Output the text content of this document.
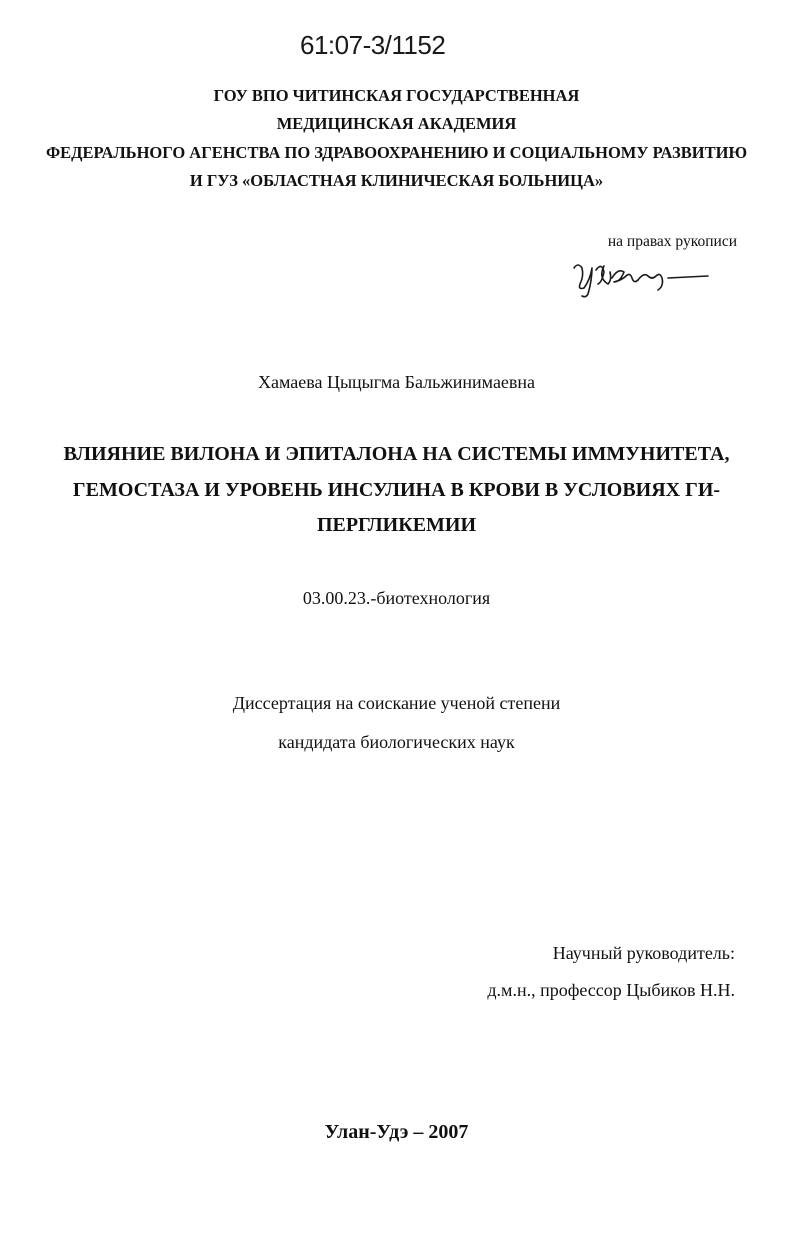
61:07-3/1152
ГОУ ВПО ЧИТИНСКАЯ ГОСУДАРСТВЕННАЯ
МЕДИЦИНСКАЯ АКАДЕМИЯ
ФЕДЕРАЛЬНОГО АГЕНСТВА ПО ЗДРАВООХРАНЕНИЮ И СОЦИАЛЬНОМУ РАЗВИТИЮ
И ГУЗ «ОБЛАСТНАЯ КЛИНИЧЕСКАЯ БОЛЬНИЦА»
на правах рукописи
Хамаева Цыцыгма Бальжинимаевна
ВЛИЯНИЕ ВИЛОНА И ЭПИТАЛОНА НА СИСТЕМЫ ИММУНИТЕТА,
ГЕМОСТАЗА И УРОВЕНЬ ИНСУЛИНА В КРОВИ В УСЛОВИЯХ ГИ-
ПЕРГЛИКЕМИИ
03.00.23.-биотехнология
Диссертация на соискание ученой степени
кандидата биологических наук
Научный руководитель:
д.м.н., профессор Цыбиков Н.Н.
Улан-Удэ – 2007
